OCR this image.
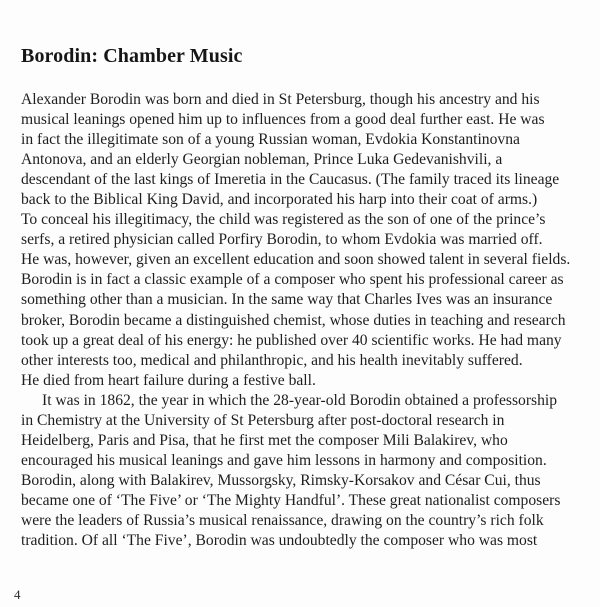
Borodin: Chamber Music
Alexander Borodin was born and died in St Petersburg, though his ancestry and his
musical leanings opened him up to influences from a good deal further east. He was
in fact the illegitimate son of a young Russian woman, Evdokia Konstantinovna
Antonova, and an elderly Georgian nobleman, Prince Luka Gedevanishvili, a
descendant of the last kings of Imeretia in the Caucasus. (The family traced its lineage
back to the Biblical King David, and incorporated his harp into their coat of arms.)
To conceal his illegitimacy, the child was registered as the son of one of the prince’s
serfs, a retired physician called Porfiry Borodin, to whom Evdokia was married off.
He was, however, given an excellent education and soon showed talent in several fields.
Borodin is in fact a classic example of a composer who spent his professional career as
something other than a musician. In the same way that Charles Ives was an insurance
broker, Borodin became a distinguished chemist, whose duties in teaching and research
took up a great deal of his energy: he published over 40 scientific works. He had many
other interests too, medical and philanthropic, and his health inevitably suffered.
He died from heart failure during a festive ball.
It was in 1862, the year in which the 28-year-old Borodin obtained a professorship
in Chemistry at the University of St Petersburg after post-doctoral research in
Heidelberg, Paris and Pisa, that he first met the composer Mili Balakirev, who
encouraged his musical leanings and gave him lessons in harmony and composition.
Borodin, along with Balakirev, Mussorgsky, Rimsky-Korsakov and César Cui, thus
became one of ‘The Five’ or ‘The Mighty Handful’. These great nationalist composers
were the leaders of Russia’s musical renaissance, drawing on the country’s rich folk
tradition. Of all ‘The Five’, Borodin was undoubtedly the composer who was most
4
